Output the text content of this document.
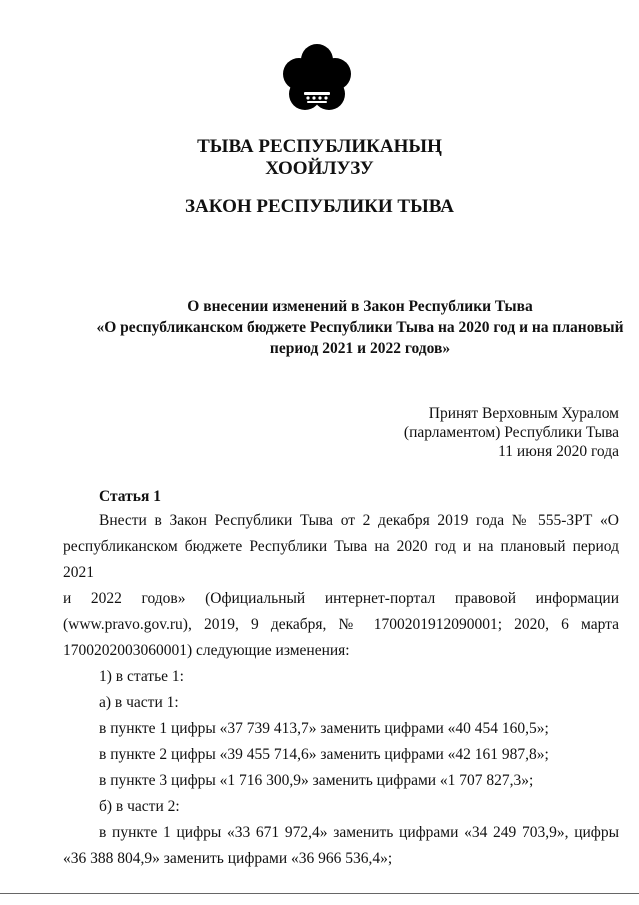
ТЫВА РЕСПУБЛИКАНЫҢ
ХООЙЛУЗУ
ЗАКОН РЕСПУБЛИКИ ТЫВА
О внесении изменений в Закон Республики Тыва
«О республиканском бюджете Республики Тыва на 2020 год и на плановый
период 2021 и 2022 годов»
Принят Верховным Хуралом
(парламентом) Республики Тыва
11 июня 2020 года
Статья 1

Внести в Закон Республики Тыва от 2 декабря 2019 года № 555-ЗРТ «О

республиканском бюджете Республики Тыва на 2020 год и на плановый период 2021

и 2022 годов» (Официальный интернет-портал правовой информации

(www.pravo.gov.ru), 2019, 9 декабря, № 1700201912090001; 2020, 6 марта

1700202003060001) следующие изменения:

1) в статье 1:

а) в части 1:

в пункте 1 цифры «37 739 413,7» заменить цифрами «40 454 160,5»;

в пункте 2 цифры «39 455 714,6» заменить цифрами «42 161 987,8»;

в пункте 3 цифры «1 716 300,9» заменить цифрами «1 707 827,3»;

б) в части 2:

в пункте 1 цифры «33 671 972,4» заменить цифрами «34 249 703,9», цифры

«36 388 804,9» заменить цифрами «36 966 536,4»;
